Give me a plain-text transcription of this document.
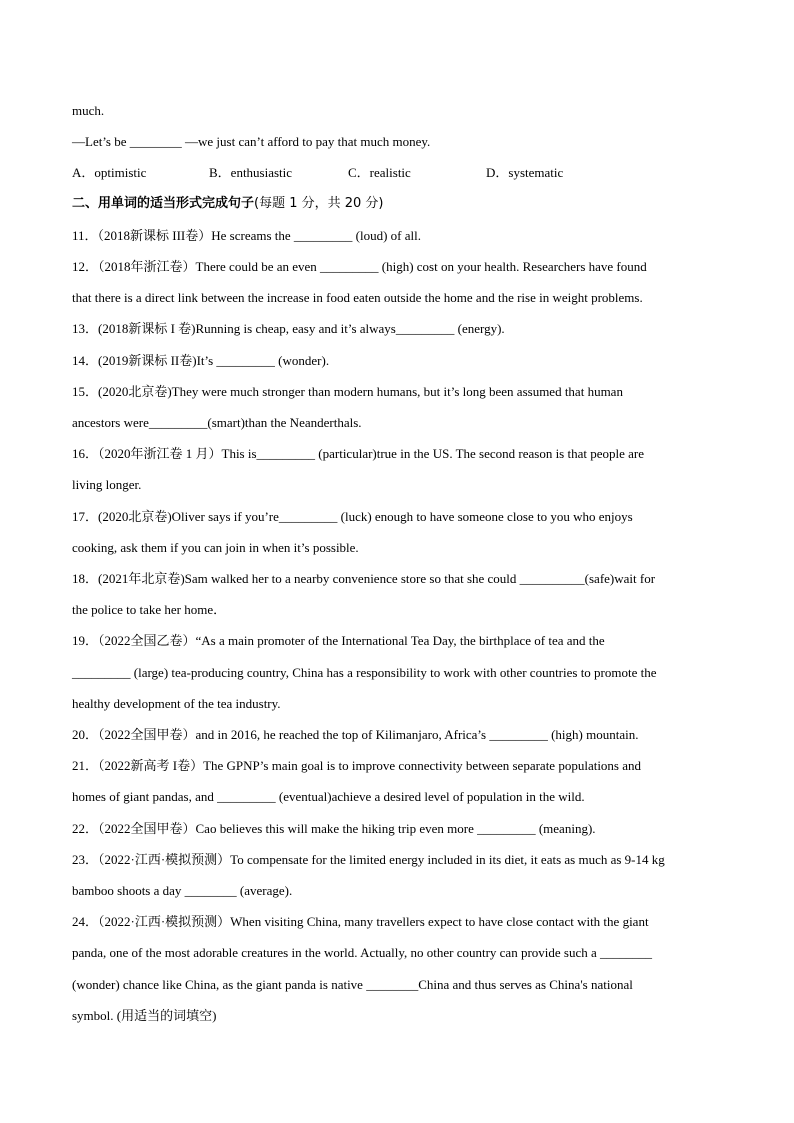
much.
—Let’s be ________ —we just can’t afford to pay that much money.
A．optimistic	B．enthusiastic	C．realistic	D．systematic
二、用单词的适当形式完成句子(每题 1 分，共 20 分)
11．（2018新课标 III卷）He screams the _________ (loud) of all.
12．（2018年浙江卷）There could be an even _________ (high) cost on your health. Researchers have found
that there is a direct link between the increase in food eaten outside the home and the rise in weight problems.
13．(2018新课标 I 卷)Running is cheap, easy and it’s always_________ (energy).
14．(2019新课标 II卷)It’s _________ (wonder).
15．(2020北京卷)They were much stronger than modern humans, but it’s long been assumed that human
ancestors were_________(smart)than the Neanderthals.
16．（2020年浙江卷 1 月）This is_________ (particular)true in the US. The second reason is that people are
living longer.
17．(2020北京卷)Oliver says if you’re_________ (luck) enough to have someone close to you who enjoys
cooking, ask them if you can join in when it’s possible.
18．(2021年北京卷)Sam walked her to a nearby convenience store so that she could __________(safe)wait for
the police to take her home．
19．（2022全国乙卷）“As a main promoter of the International Tea Day, the birthplace of tea and the
_________ (large) tea-producing country, China has a responsibility to work with other countries to promote the
healthy development of the tea industry.
20．（2022全国甲卷）and in 2016, he reached the top of Kilimanjaro, Africa’s _________ (high) mountain.
21．（2022新高考 I卷）The GPNP’s main goal is to improve connectivity between separate populations and
homes of giant pandas, and _________ (eventual)achieve a desired level of population in the wild.
22．（2022全国甲卷）Cao believes this will make the hiking trip even more _________ (meaning).
23．（2022·江西·模拟预测）To compensate for the limited energy included in its diet, it eats as much as 9-14 kg
bamboo shoots a day ________ (average).
24．（2022·江西·模拟预测）When visiting China, many travellers expect to have close contact with the giant
panda, one of the most adorable creatures in the world. Actually, no other country can provide such a ________
(wonder) chance like China, as the giant panda is native ________China and thus serves as China's national
symbol. (用适当的词填空)
